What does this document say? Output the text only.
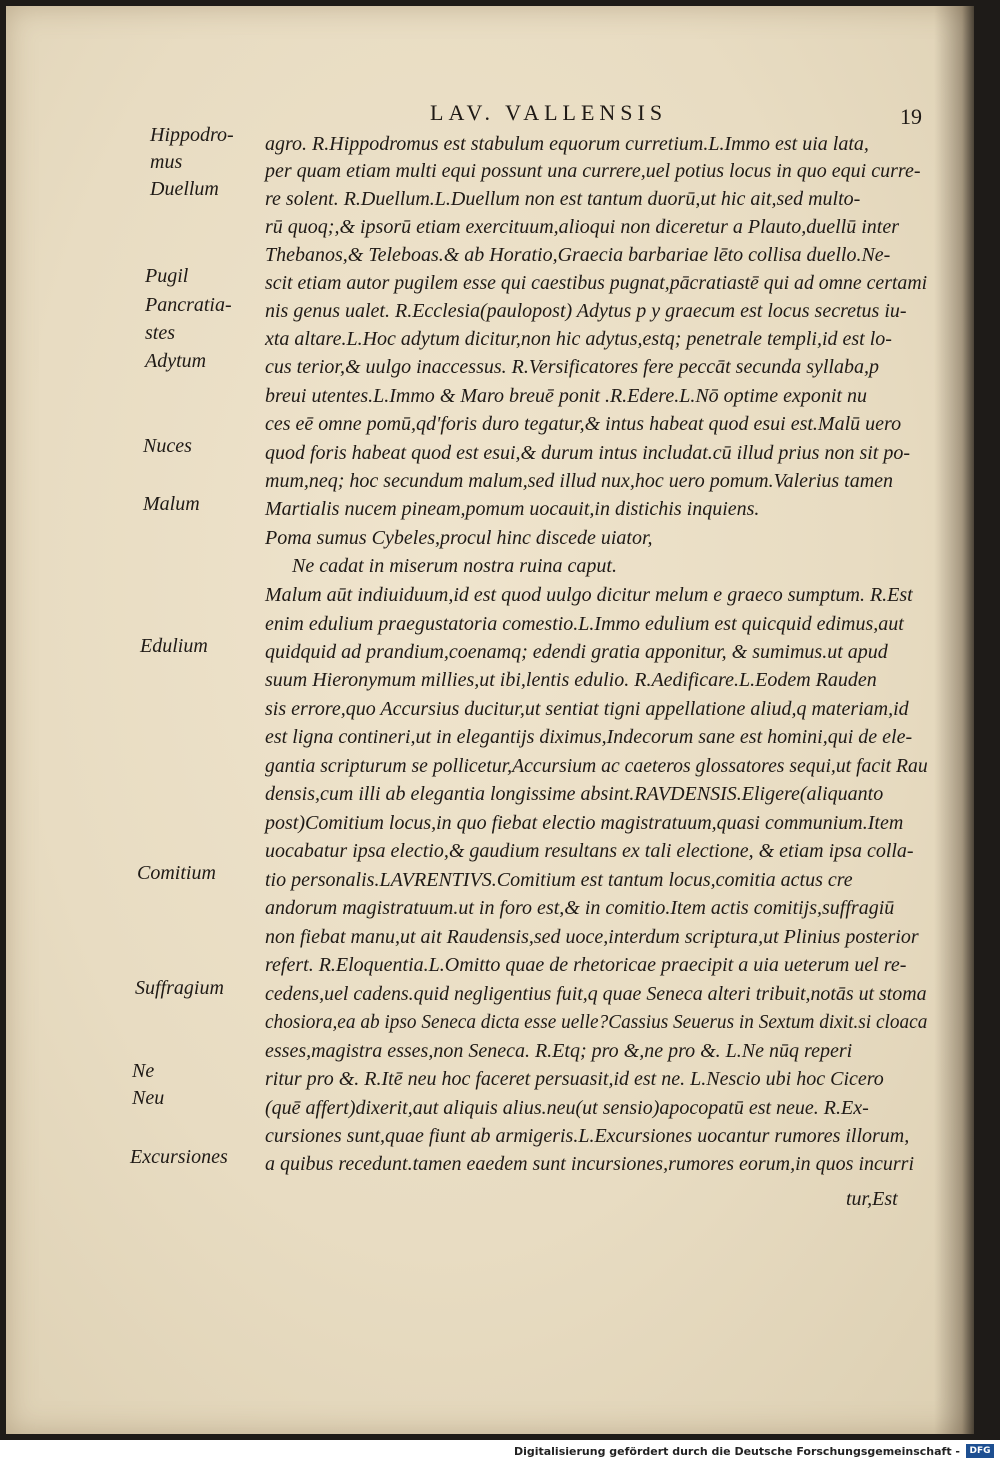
LAV. VALLENSIS	19
Hippodro-
mus
Duellum
Pugil
Pancratia-
stes
Adytum
Nuces
Malum
Edulium
Comitium
Suffragium
Ne
Neu
Excursiones
agro. R.Hippodromus est stabulum equorum curretium.L.Immo est uia lata,
per quam etiam multi equi possunt una currere,uel potius locus in quo equi curre-
re solent. R.Duellum.L.Duellum non est tantum duorū,ut hic ait,sed multo-
rū quoq;,& ipsorū etiam exercituum,alioqui non diceretur a Plauto,duellū inter
Thebanos,& Teleboas.& ab Horatio,Graecia barbariae lēto collisa duello.Ne-
scit etiam autor pugilem esse qui caestibus pugnat,pācratiastē qui ad omne certami
nis genus ualet. R.Ecclesia(paulopost) Adytus p y graecum est locus secretus iu-
xta altare.L.Hoc adytum dicitur,non hic adytus,estq; penetrale templi,id est lo-
cus terior,& uulgo inaccessus. R.Versificatores fere peccāt secunda syllaba,p
breui utentes.L.Immo & Maro breuē ponit .R.Edere.L.Nō optime exponit nu
ces eē omne pomū,qd'foris duro tegatur,& intus habeat quod esui est.Malū uero
quod foris habeat quod est esui,& durum intus includat.cū illud prius non sit po-
mum,neq; hoc secundum malum,sed illud nux,hoc uero pomum.Valerius tamen
Martialis nucem pineam,pomum uocauit,in distichis inquiens.
Poma sumus Cybeles,procul hinc discede uiator,
Ne cadat in miserum nostra ruina caput.
Malum aūt indiuiduum,id est quod uulgo dicitur melum e graeco sumptum. R.Est
enim edulium praegustatoria comestio.L.Immo edulium est quicquid edimus,aut
quidquid ad prandium,coenamq; edendi gratia apponitur, & sumimus.ut apud
suum Hieronymum millies,ut ibi,lentis edulio. R.Aedificare.L.Eodem Rauden
sis errore,quo Accursius ducitur,ut sentiat tigni appellatione aliud,q materiam,id
est ligna contineri,ut in elegantijs diximus,Indecorum sane est homini,qui de ele-
gantia scripturum se pollicetur,Accursium ac caeteros glossatores sequi,ut facit Rau
densis,cum illi ab elegantia longissime absint.RAVDENSIS.Eligere(aliquanto
post)Comitium locus,in quo fiebat electio magistratuum,quasi communium.Item
uocabatur ipsa electio,& gaudium resultans ex tali electione, & etiam ipsa colla-
tio personalis.LAVRENTIVS.Comitium est tantum locus,comitia actus cre
andorum magistratuum.ut in foro est,& in comitio.Item actis comitijs,suffragiū
non fiebat manu,ut ait Raudensis,sed uoce,interdum scriptura,ut Plinius posterior
refert. R.Eloquentia.L.Omitto quae de rhetoricae praecipit a uia ueterum uel re-
cedens,uel cadens.quid negligentius fuit,q quae Seneca alteri tribuit,notās ut stoma
chosiora,ea ab ipso Seneca dicta esse uelle?Cassius Seuerus in Sextum dixit.si cloaca
esses,magistra esses,non Seneca. R.Etq; pro &,ne pro &. L.Ne nūq reperi
ritur pro &. R.Itē neu hoc faceret persuasit,id est ne. L.Nescio ubi hoc Cicero
(quē affert)dixerit,aut aliquis alius.neu(ut sensio)apocopatū est neue. R.Ex-
cursiones sunt,quae fiunt ab armigeris.L.Excursiones uocantur rumores illorum,
a quibus recedunt.tamen eaedem sunt incursiones,rumores eorum,in quos incurri
tur,Est
Digitalisierung gefördert durch die Deutsche Forschungsgemeinschaft -	DFG
